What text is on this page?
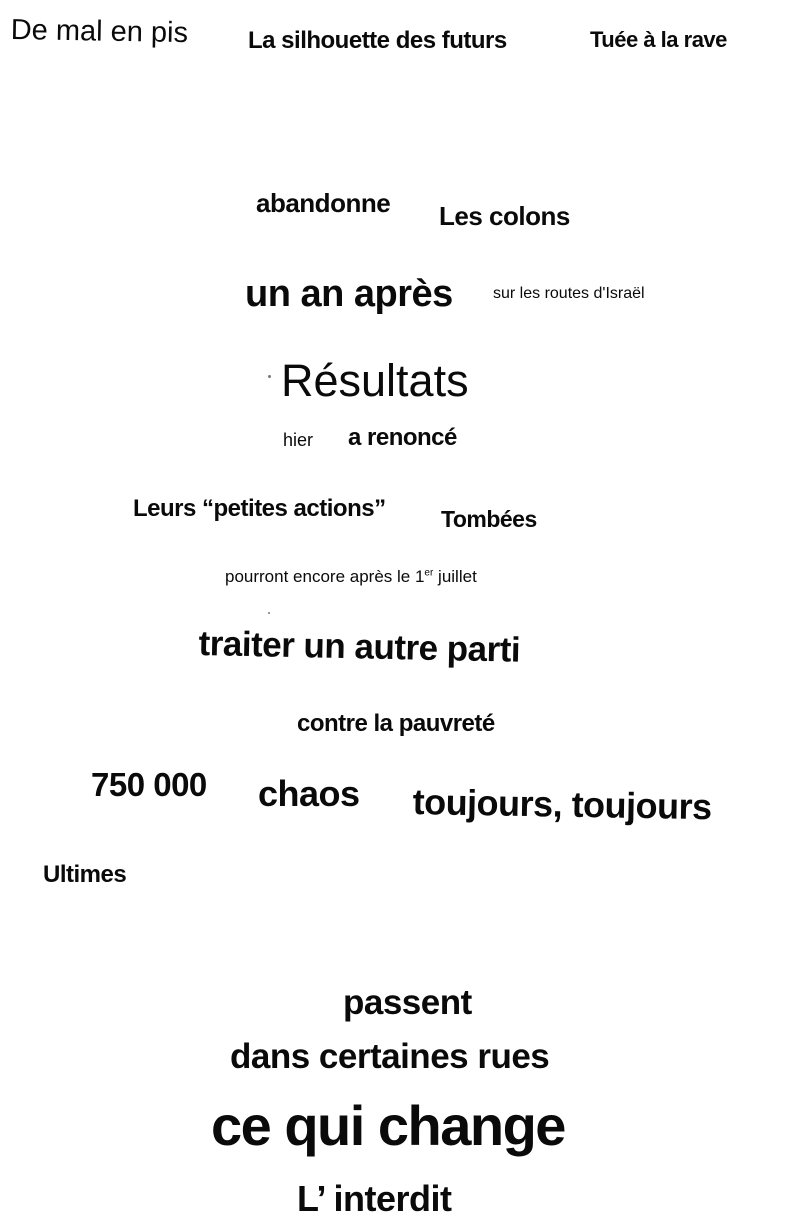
De mal en pis La silhouette des futurs	Tuée à la rave
abandonne Les colons
un an après	sur les routes d'Israël
Résultats
hier a renoncé
Leurs “petites actions” Tombées
pourront encore après le 1er juillet
traiter un autre parti
contre la pauvreté
750 000 chaos toujours, toujours
Ultimes
passent
dans certaines rues
ce qui change
L’ interdit
